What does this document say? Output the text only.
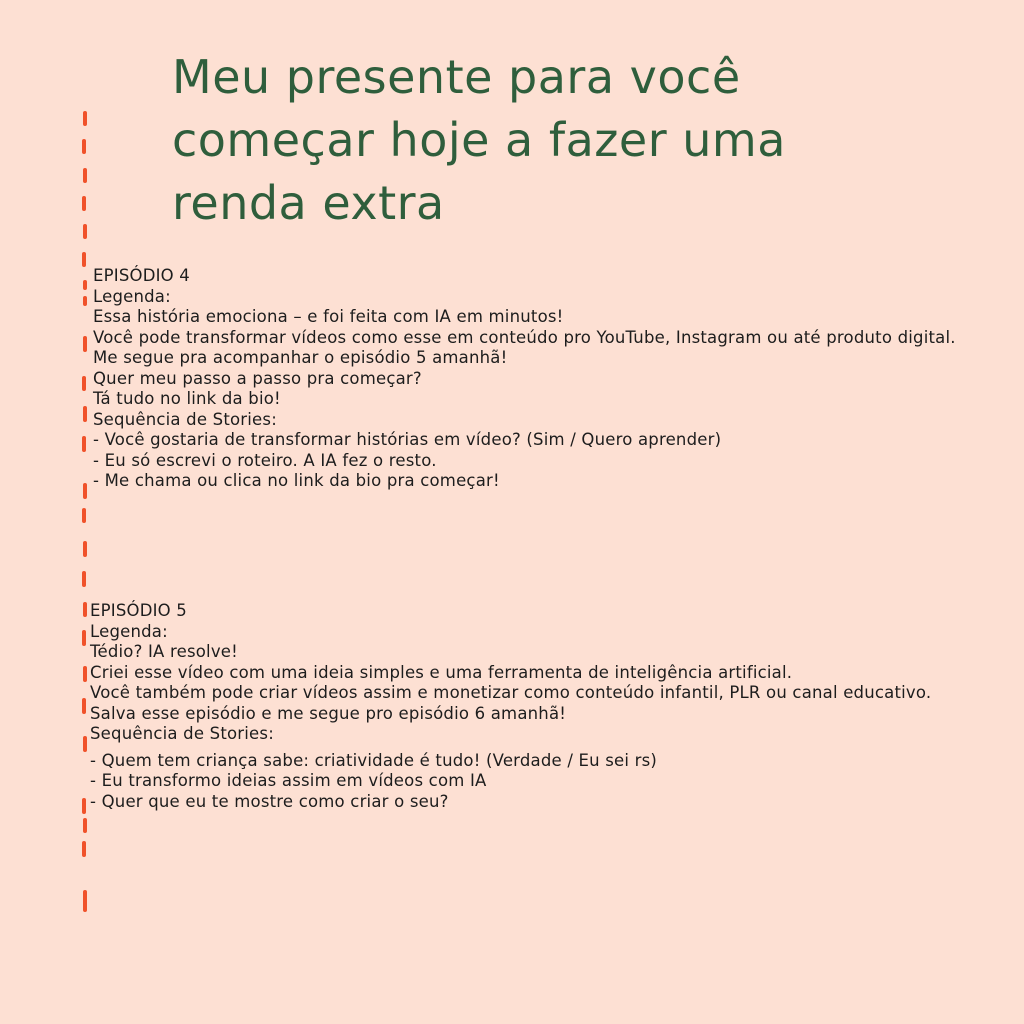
Meu presente para você
começar hoje a fazer uma
renda extra
EPISÓDIO 4
Legenda:
Essa história emociona – e foi feita com IA em minutos!
Você pode transformar vídeos como esse em conteúdo pro YouTube, Instagram ou até produto digital.
Me segue pra acompanhar o episódio 5 amanhã!
Quer meu passo a passo pra começar?
Tá tudo no link da bio!
Sequência de Stories:
- Você gostaria de transformar histórias em vídeo? (Sim / Quero aprender)
- Eu só escrevi o roteiro. A IA fez o resto.
- Me chama ou clica no link da bio pra começar!
EPISÓDIO 5
Legenda:
Tédio? IA resolve!
Criei esse vídeo com uma ideia simples e uma ferramenta de inteligência artificial.
Você também pode criar vídeos assim e monetizar como conteúdo infantil, PLR ou canal educativo.
Salva esse episódio e me segue pro episódio 6 amanhã!
Sequência de Stories:
- Quem tem criança sabe: criatividade é tudo! (Verdade / Eu sei rs)
- Eu transformo ideias assim em vídeos com IA
- Quer que eu te mostre como criar o seu?
